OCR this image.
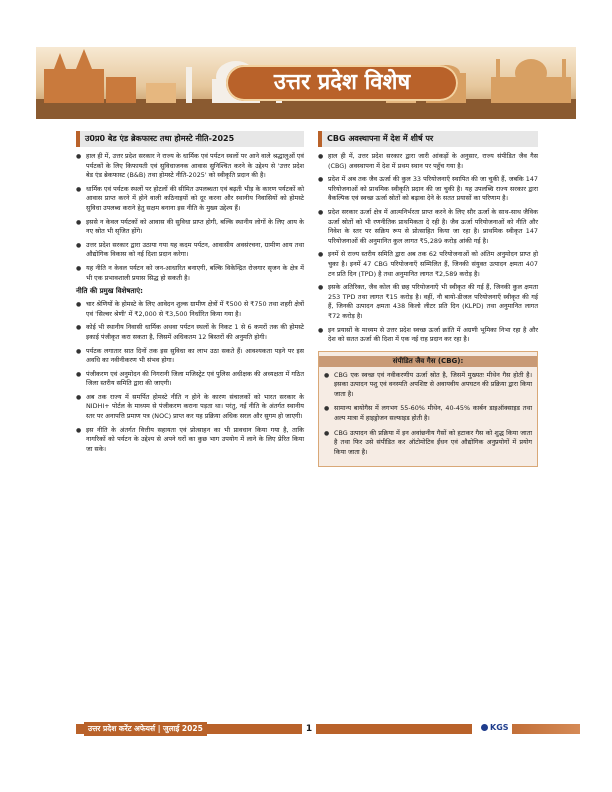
उत्तर प्रदेश विशेष
उ0प्र0 बेड एंड ब्रेकफास्ट तथा होमस्टे नीति-2025
● हाल ही में, उत्तर प्रदेश सरकार ने राज्य के धार्मिक एवं पर्यटन स्थलों पर आने वाले श्रद्धालुओं एवं पर्यटकों के लिए किफायती एवं सुविधाजनक आवास सुनिश्चित करने के उद्देश्य से 'उत्तर प्रदेश बेड एंड ब्रेकफास्ट (B&B) तथा होमस्टे नीति-2025' को स्वीकृति प्रदान की है।
● धार्मिक एवं पर्यटक स्थलों पर होटलों की सीमित उपलब्धता एवं बढ़ती भीड़ के कारण पर्यटकों को आवास प्राप्त करने में होने वाली कठिनाइयों को दूर करना और स्थानीय निवासियों को होमस्टे सुविधा उपलब्ध कराने हेतु सक्षम बनाना इस नीति के मुख्य उद्देश्य हैं।
● इससे न केवल पर्यटकों को आवास की सुविधा प्राप्त होगी, बल्कि स्थानीय लोगों के लिए आय के नए स्रोत भी सृजित होंगे।
● उत्तर प्रदेश सरकार द्वारा उठाया गया यह कदम पर्यटन, आवासीय अवसंरचना, ग्रामीण आय तथा औद्योगिक विकास को नई दिशा प्रदान करेगा।
● यह नीति न केवल पर्यटन को जन-आधारित बनाएगी, बल्कि विकेन्द्रित रोजगार सृजन के क्षेत्र में भी एक प्रभावशाली प्रयास सिद्ध हो सकती है।
नीति की प्रमुख विशेषताएं:
● चार श्रेणियों के होमस्टे के लिए आवेदन शुल्क ग्रामीण क्षेत्रों में ₹500 से ₹750 तथा शहरी क्षेत्रों एवं 'सिल्वर श्रेणी' में ₹2,000 से ₹3,500 निर्धारित किया गया है।
● कोई भी स्थानीय निवासी धार्मिक अथवा पर्यटन स्थलों के निकट 1 से 6 कमरों तक की होमस्टे इकाई पंजीकृत करा सकता है, जिसमें अधिकतम 12 बिस्तरों की अनुमति होगी।
● पर्यटक लगातार सात दिनों तक इस सुविधा का लाभ उठा सकते हैं। आवश्यकता पड़ने पर इस अवधि का नवीनीकरण भी संभव होगा।
● पंजीकरण एवं अनुमोदन की निगरानी जिला मजिस्ट्रेट एवं पुलिस अधीक्षक की अध्यक्षता में गठित जिला स्तरीय समिति द्वारा की जाएगी।
● अब तक राज्य में समर्पित होमस्टे नीति न होने के कारण संचालकों को भारत सरकार के NIDHI+ पोर्टल के माध्यम से पंजीकरण कराना पड़ता था। परंतु, नई नीति के अंतर्गत स्थानीय स्तर पर अनापत्ति प्रमाण पत्र (NOC) प्राप्त कर यह प्रक्रिया अधिक सरल और सुगम हो जाएगी।
● इस नीति के अंतर्गत वित्तीय सहायता एवं प्रोत्साहन का भी प्रावधान किया गया है, ताकि नागरिकों को पर्यटन के उद्देश्य से अपने घरों का कुछ भाग उपयोग में लाने के लिए प्रेरित किया जा सके।
CBG अवस्थापना में देश में शीर्ष पर
● हाल ही में, उत्तर प्रदेश सरकार द्वारा जारी आंकड़ों के अनुसार, राज्य संपीडित जैव गैस (CBG) अवस्थापना में देश में प्रथम स्थान पर पहुँच गया है।
● प्रदेश में अब तक जैव ऊर्जा की कुल 33 परियोजनाएँ स्थापित की जा चुकी हैं, जबकि 147 परियोजनाओं को प्राथमिक स्वीकृति प्रदान की जा चुकी है। यह उपलब्धि राज्य सरकार द्वारा वैकल्पिक एवं स्वच्छ ऊर्जा स्रोतों को बढ़ावा देने के सतत प्रयासों का परिणाम है।
● प्रदेश सरकार ऊर्जा क्षेत्र में आत्मनिर्भरता प्राप्त करने के लिए सौर ऊर्जा के साथ-साथ जैविक ऊर्जा स्रोतों को भी रणनीतिक प्राथमिकता दे रही है। जैव ऊर्जा परियोजनाओं को नीति और निवेश के स्तर पर सक्रिय रूप से प्रोत्साहित किया जा रहा है। प्राथमिक स्वीकृत 147 परियोजनाओं की अनुमानित कुल लागत ₹5,289 करोड़ आंकी गई है।
● इनमें से राज्य स्तरीय समिति द्वारा अब तक 62 परियोजनाओं को अंतिम अनुमोदन प्राप्त हो चुका है। इनमें 47 CBG परियोजनाएँ सम्मिलित हैं, जिनकी संयुक्त उत्पादन क्षमता 407 टन प्रति दिन (TPD) है तथा अनुमानित लागत ₹2,589 करोड़ है।
● इसके अतिरिक्त, जैव कोल की छह परियोजनाएँ भी स्वीकृत की गई हैं, जिनकी कुल क्षमता 253 TPD तथा लागत ₹15 करोड़ है। वहीं, नौ बायो-डीजल परियोजनाएँ स्वीकृत की गई हैं, जिनकी उत्पादन क्षमता 438 किलो लीटर प्रति दिन (KLPD) तथा अनुमानित लागत ₹72 करोड़ है।
● इन प्रयासों के माध्यम से उत्तर प्रदेश स्वच्छ ऊर्जा क्रांति में अग्रणी भूमिका निभा रहा है और देश को सतत ऊर्जा की दिशा में एक नई राह प्रदान कर रहा है।
संपीडित जैव गैस (CBG):
● CBG एक स्वच्छ एवं नवीकरणीय ऊर्जा स्रोत है, जिसमें मुख्यतः मीथेन गैस होती है। इसका उत्पादन पशु एवं वनस्पति अपशिष्ट से अवायवीय अपघटन की प्रक्रिया द्वारा किया जाता है।
● सामान्य बायोगैस में लगभग 55-60% मीथेन, 40-45% कार्बन डाइऑक्साइड तथा अल्प मात्रा में हाइड्रोजन सल्फाइड होती है।
● CBG उत्पादन की प्रक्रिया में इन अवांछनीय गैसों को हटाकर गैस को शुद्ध किया जाता है तथा फिर उसे संपीडित कर ऑटोमोटिव ईंधन एवं औद्योगिक अनुप्रयोगों में प्रयोग किया जाता है।
उत्तर प्रदेश करेंट अफेयर्स | जुलाई 2025	1	KGS
